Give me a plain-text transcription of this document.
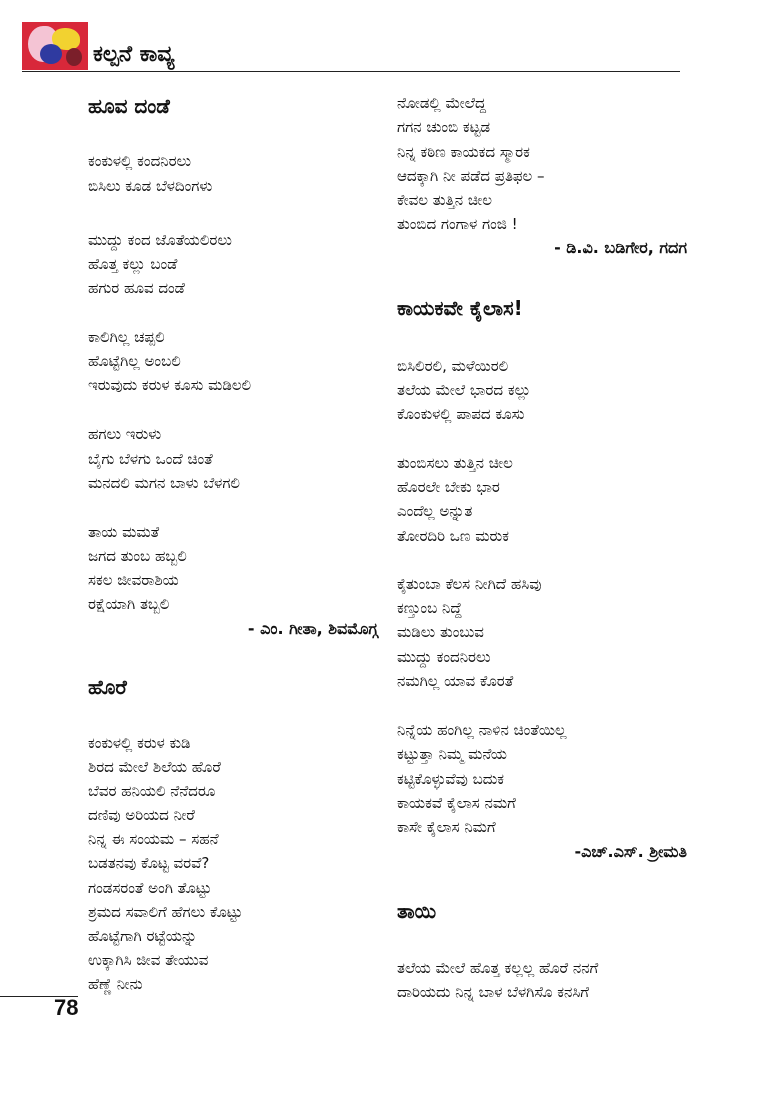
ಕಲ್ಪನೆ ಕಾವ್ಯ
ಹೂವ ದಂಡೆ
ಕಂಕುಳಲ್ಲಿ ಕಂದನಿರಲು
ಬಿಸಿಲು ಕೂಡ ಬೆಳದಿಂಗಳು
ಮುದ್ದು ಕಂದ ಜೊತೆಯಲಿರಲು
ಹೊತ್ತ ಕಲ್ಲು ಬಂಡೆ
ಹಗುರ ಹೂವ ದಂಡೆ
ಕಾಲಿಗಿಲ್ಲ ಚಪ್ಪಲಿ
ಹೊಟ್ಟೆಗಿಲ್ಲ ಅಂಬಲಿ
ಇರುವುದು ಕರುಳ ಕೂಸು ಮಡಿಲಲಿ
ಹಗಲು ಇರುಳು
ಬೈಗು ಬೆಳಗು ಒಂದೆ ಚಿಂತೆ
ಮನದಲಿ ಮಗನ ಬಾಳು ಬೆಳಗಲಿ
ತಾಯ ಮಮತೆ
ಜಗದ ತುಂಬ ಹಬ್ಬಲಿ
ಸಕಲ ಜೀವರಾಶಿಯ
ರಕ್ಷೆಯಾಗಿ ತಬ್ಬಲಿ
- ಎಂ. ಗೀತಾ, ಶಿವಮೊಗ್ಗ
ಹೊರೆ
ಕಂಕುಳಲ್ಲಿ ಕರುಳ ಕುಡಿ
ಶಿರದ ಮೇಲೆ ಶಿಲೆಯ ಹೊರೆ
ಬೆವರ ಹನಿಯಲಿ ನೆನೆದರೂ
ದಣಿವು ಅರಿಯದ ನೀರೆ
ನಿನ್ನ ಈ ಸಂಯಮ – ಸಹನೆ
ಬಡತನವು ಕೊಟ್ಟ ವರವೆ?
ಗಂಡಸರಂತೆ ಅಂಗಿ ತೊಟ್ಟು
ಶ್ರಮದ ಸವಾಲಿಗೆ ಹೆಗಲು ಕೊಟ್ಟು
ಹೊಟ್ಟೆಗಾಗಿ ರಟ್ಟೆಯನ್ನು
ಉಕ್ಕಾಗಿಸಿ ಜೀವ ತೇಯುವ
ಹೆಣ್ಣೆ ನೀನು
ನೋಡಲ್ಲಿ ಮೇಲೆದ್ದ
ಗಗನ ಚುಂಬಿ ಕಟ್ಟಡ
ನಿನ್ನ ಕಠಿಣ ಕಾಯಕದ ಸ್ಮಾರಕ
ಆದಕ್ಕಾಗಿ ನೀ ಪಡೆದ ಪ್ರತಿಫಲ –
ಕೇವಲ ತುತ್ತಿನ ಚೀಲ
ತುಂಬಿದ ಗಂಗಾಳ ಗಂಜಿ !
- ಡಿ.ವಿ. ಬಡಿಗೇರ, ಗದಗ
ಕಾಯಕವೇ ಕೈಲಾಸ!
ಬಿಸಿಲಿರಲಿ, ಮಳೆಯಿರಲಿ
ತಲೆಯ ಮೇಲೆ ಭಾರದ ಕಲ್ಲು
ಕೊಂಕುಳಲ್ಲಿ ಪಾಪದ ಕೂಸು
ತುಂಬಿಸಲು ತುತ್ತಿನ ಚೀಲ
ಹೊರಲೇ ಬೇಕು ಭಾರ
ಎಂದೆಲ್ಲ ಅನ್ನುತ
ತೋರದಿರಿ ಒಣ ಮರುಕ
ಕೈತುಂಬಾ ಕೆಲಸ ನೀಗಿದೆ ಹಸಿವು
ಕಣ್ತುಂಬ ನಿದ್ದೆ
ಮಡಿಲು ತುಂಬುವ
ಮುದ್ದು ಕಂದನಿರಲು
ನಮಗಿಲ್ಲ ಯಾವ ಕೊರತೆ
ನಿನ್ನೆಯ ಹಂಗಿಲ್ಲ ನಾಳಿನ ಚಿಂತೆಯಿಲ್ಲ
ಕಟ್ಟುತ್ತಾ ನಿಮ್ಮ ಮನೆಯ
ಕಟ್ಟಿಕೊಳ್ಳುವೆವು ಬದುಕ
ಕಾಯಕವೆ ಕೈಲಾಸ ನಮಗೆ
ಕಾಸೇ ಕೈಲಾಸ ನಿಮಗೆ
-ಎಚ್.ಎಸ್. ಶ್ರೀಮತಿ
ತಾಯಿ
ತಲೆಯ ಮೇಲೆ ಹೊತ್ತ ಕಲ್ಲಲ್ಲ ಹೊರೆ ನನಗೆ
ದಾರಿಯದು ನಿನ್ನ ಬಾಳ ಬೆಳಗಿಸೊ ಕನಸಿಗೆ
78
